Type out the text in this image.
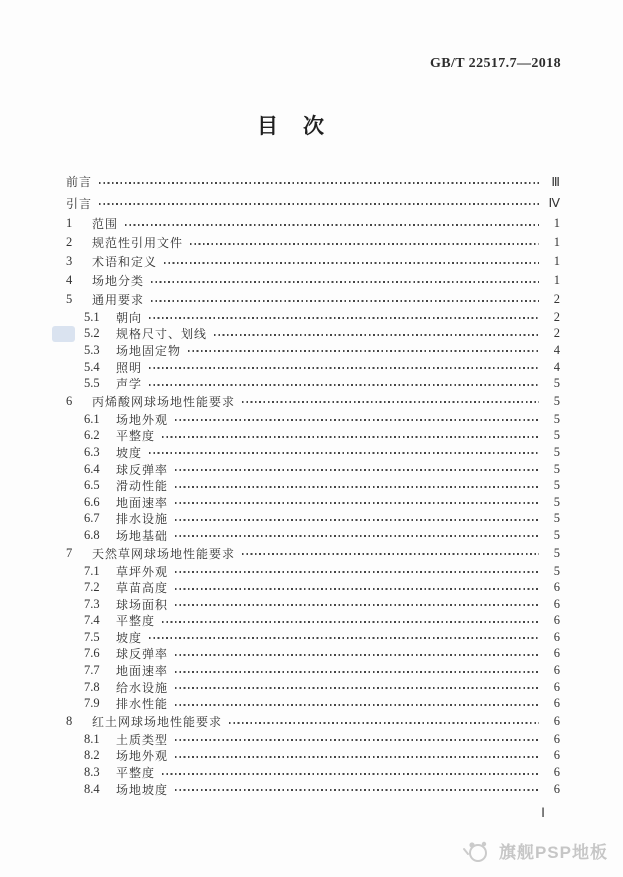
GB/T 22517.7—2018
目　次
前言	Ⅲ
引言	Ⅳ
1	范围	1
2	规范性引用文件	1
3	术语和定义	1
4	场地分类	1
5	通用要求	2
5.1	朝向	2
5.2	规格尺寸、划线	2
5.3	场地固定物	4
5.4	照明	4
5.5	声学	5
6	丙烯酸网球场地性能要求	5
6.1	场地外观	5
6.2	平整度	5
6.3	坡度	5
6.4	球反弹率	5
6.5	滑动性能	5
6.6	地面速率	5
6.7	排水设施	5
6.8	场地基础	5
7	天然草网球场地性能要求	5
7.1	草坪外观	5
7.2	草苗高度	6
7.3	球场面积	6
7.4	平整度	6
7.5	坡度	6
7.6	球反弹率	6
7.7	地面速率	6
7.8	给水设施	6
7.9	排水性能	6
8	红土网球场地性能要求	6
8.1	土质类型	6
8.2	场地外观	6
8.3	平整度	6
8.4	场地坡度	6
Ⅰ
旗舰PSP地板
